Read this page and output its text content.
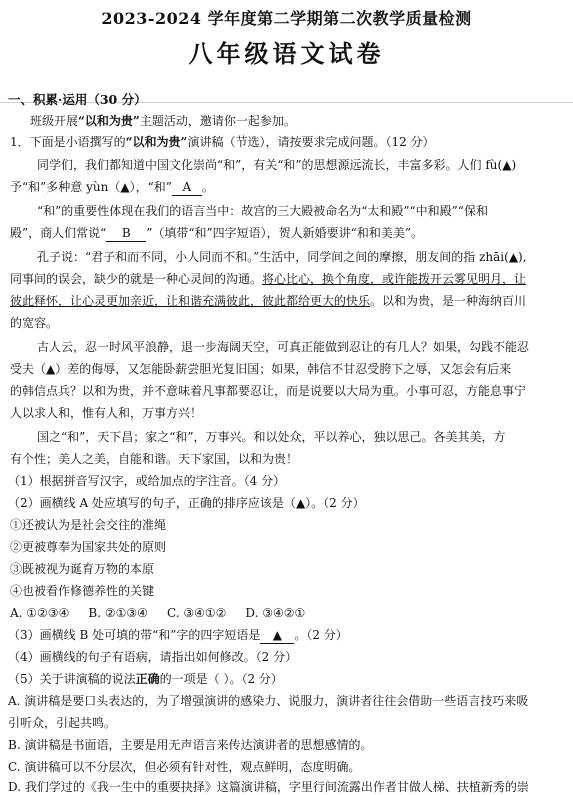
2023-2024 学年度第二学期第二次教学质量检测
八年级语文试卷
一、积累·运用（30 分）
班级开展“以和为贵”主题活动，邀请你一起参加。
1．下面是小语撰写的“以和为贵”演讲稿（节选），请按要求完成问题。（12 分）
同学们，我们都知道中国文化崇尚“和”，有关“和”的思想源远流长，丰富多彩。人们 fù(▲)
予“和”多种意 yùn（▲），“和” A 。
“和”的重要性体现在我们的语言当中：故宫的三大殿被命名为“太和殿”“中和殿”“保和
殿”，商人们常说“ B ”（填带“和”四字短语），贺人新婚要讲“和和美美”。
孔子说：“君子和而不同，小人同而不和。”生活中，同学间之间的摩擦，朋友间的指 zhāi(▲),
同事间的误会，缺少的就是一种心灵间的沟通。将心比心，换个角度，或许能拨开云雾见明月，让
彼此释怀，让心灵更加亲近，让和谐充满彼此，彼此都给更大的快乐。以和为贵，是一种海纳百川
的宽容。
古人云，忍一时风平浪静，退一步海阔天空，可真正能做到忍让的有几人？如果，勾践不能忍
受夫（▲）差的侮辱，又怎能卧薪尝胆光复旧国；如果，韩信不甘忍受胯下之辱，又怎会有后来
的韩信点兵？以和为贵，并不意味着凡事都要忍让，而是说要以大局为重。小事可忍，方能息事宁
人以求人和，惟有人和，万事方兴！
国之“和”，天下昌；家之“和”，万事兴。和以处众，平以养心，独以思己。各美其美，方
有个性；美人之美，自能和谐。天下家国，以和为贵！
（1）根据拼音写汉字，或给加点的字注音。（4 分）
（2）画横线 A 处应填写的句子，正确的排序应该是（▲）。（2 分）
①还被认为是社会交往的准绳
②更被尊奉为国家共处的原则
③既被视为诞育万物的本原
④也被看作修德养性的关键
A. ①②③④     B. ②①③④     C. ③④①②     D. ③④②①
（3）画横线 B 处可填的带“和”字的四字短语是 ▲ 。（2 分）
（4）画横线的句子有语病，请指出如何修改。（2 分）
（5）关于讲演稿的说法正确的一项是（ ）。（2 分）
A. 演讲稿是要口头表达的，为了增强演讲的感染力、说服力，演讲者往往会借助一些语言技巧来吸
引听众，引起共鸣。
B. 演讲稿是书面语，主要是用无声语言来传达演讲者的思想感情的。
C. 演讲稿可以不分层次，但必须有针对性，观点鲜明，态度明确。
D. 我们学过的《我一生中的重要抉择》这篇演讲稿，字里行间流露出作者甘做人梯、扶植新秀的崇
